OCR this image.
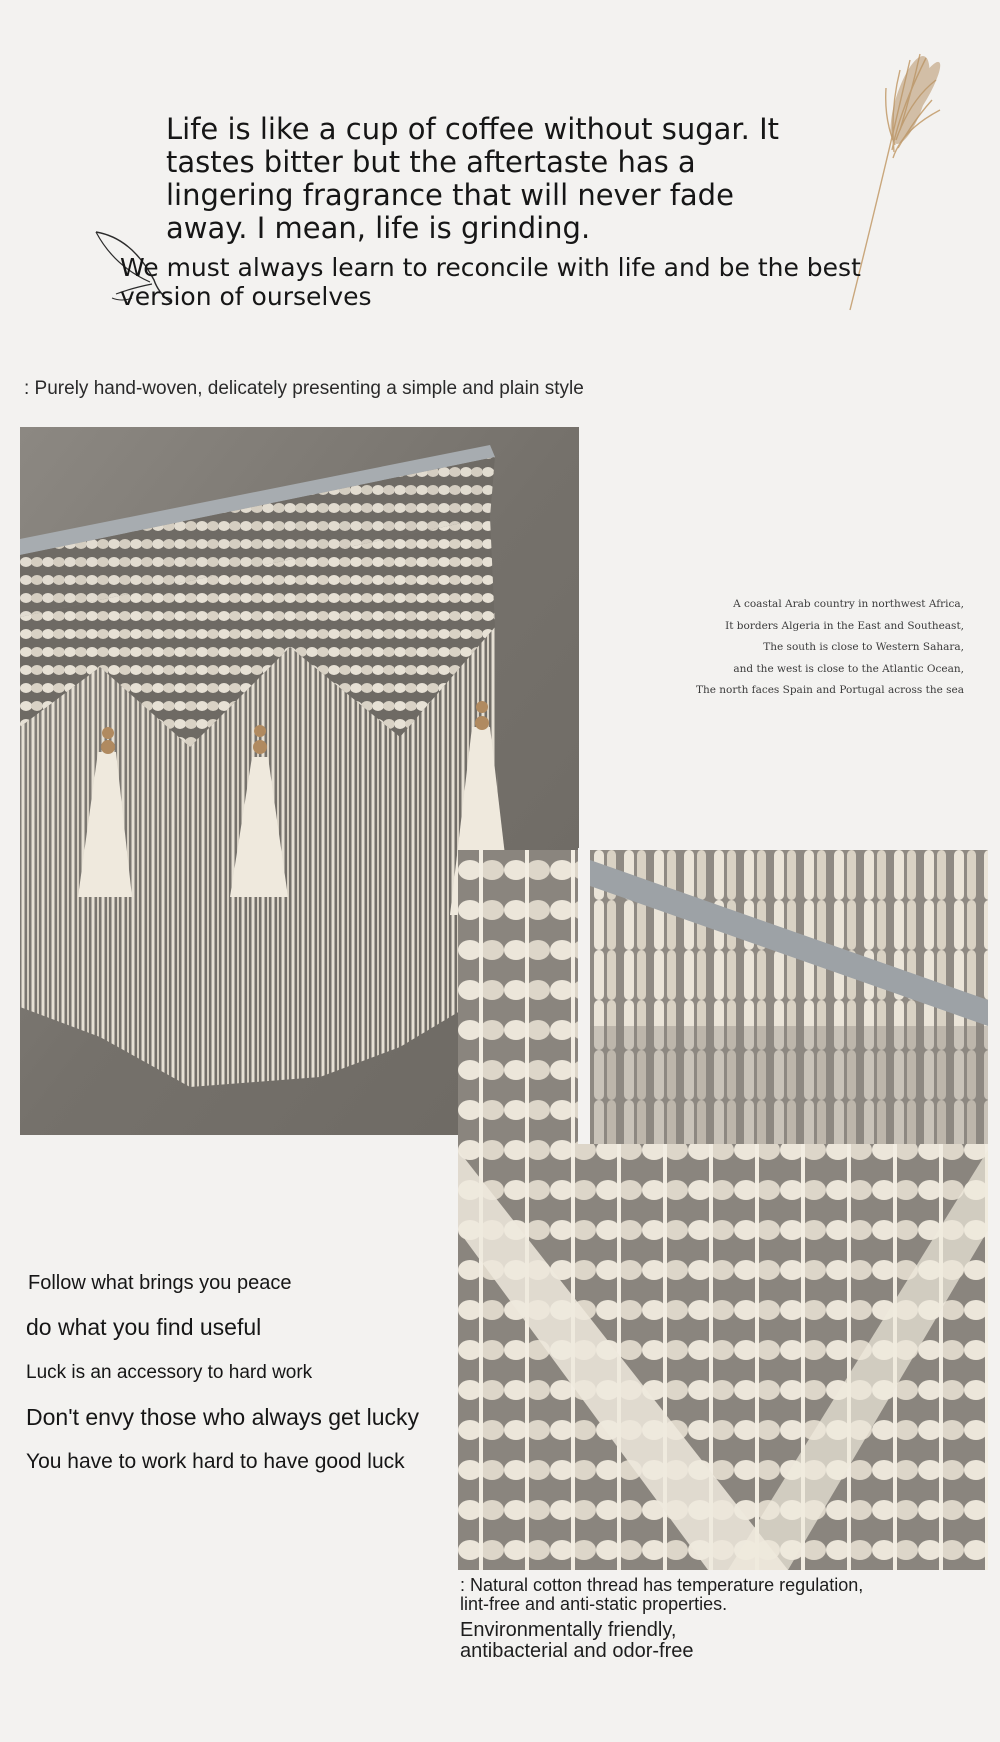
Life is like a cup of coffee without sugar. It
tastes bitter but the aftertaste has a
lingering fragrance that will never fade
away. I mean, life is grinding.
We must always learn to reconcile with life and be the best
version of ourselves
: Purely hand-woven, delicately presenting a simple and plain style
A coastal Arab country in northwest Africa,
It borders Algeria in the East and Southeast,
The south is close to Western Sahara,
and the west is close to the Atlantic Ocean,
The north faces Spain and Portugal across the sea
Follow what brings you peace
do what you find useful
Luck is an accessory to hard work
Don't envy those who always get lucky
You have to work hard to have good luck
: Natural cotton thread has temperature regulation,
lint-free and anti-static properties.
Environmentally friendly,
antibacterial and odor-free
